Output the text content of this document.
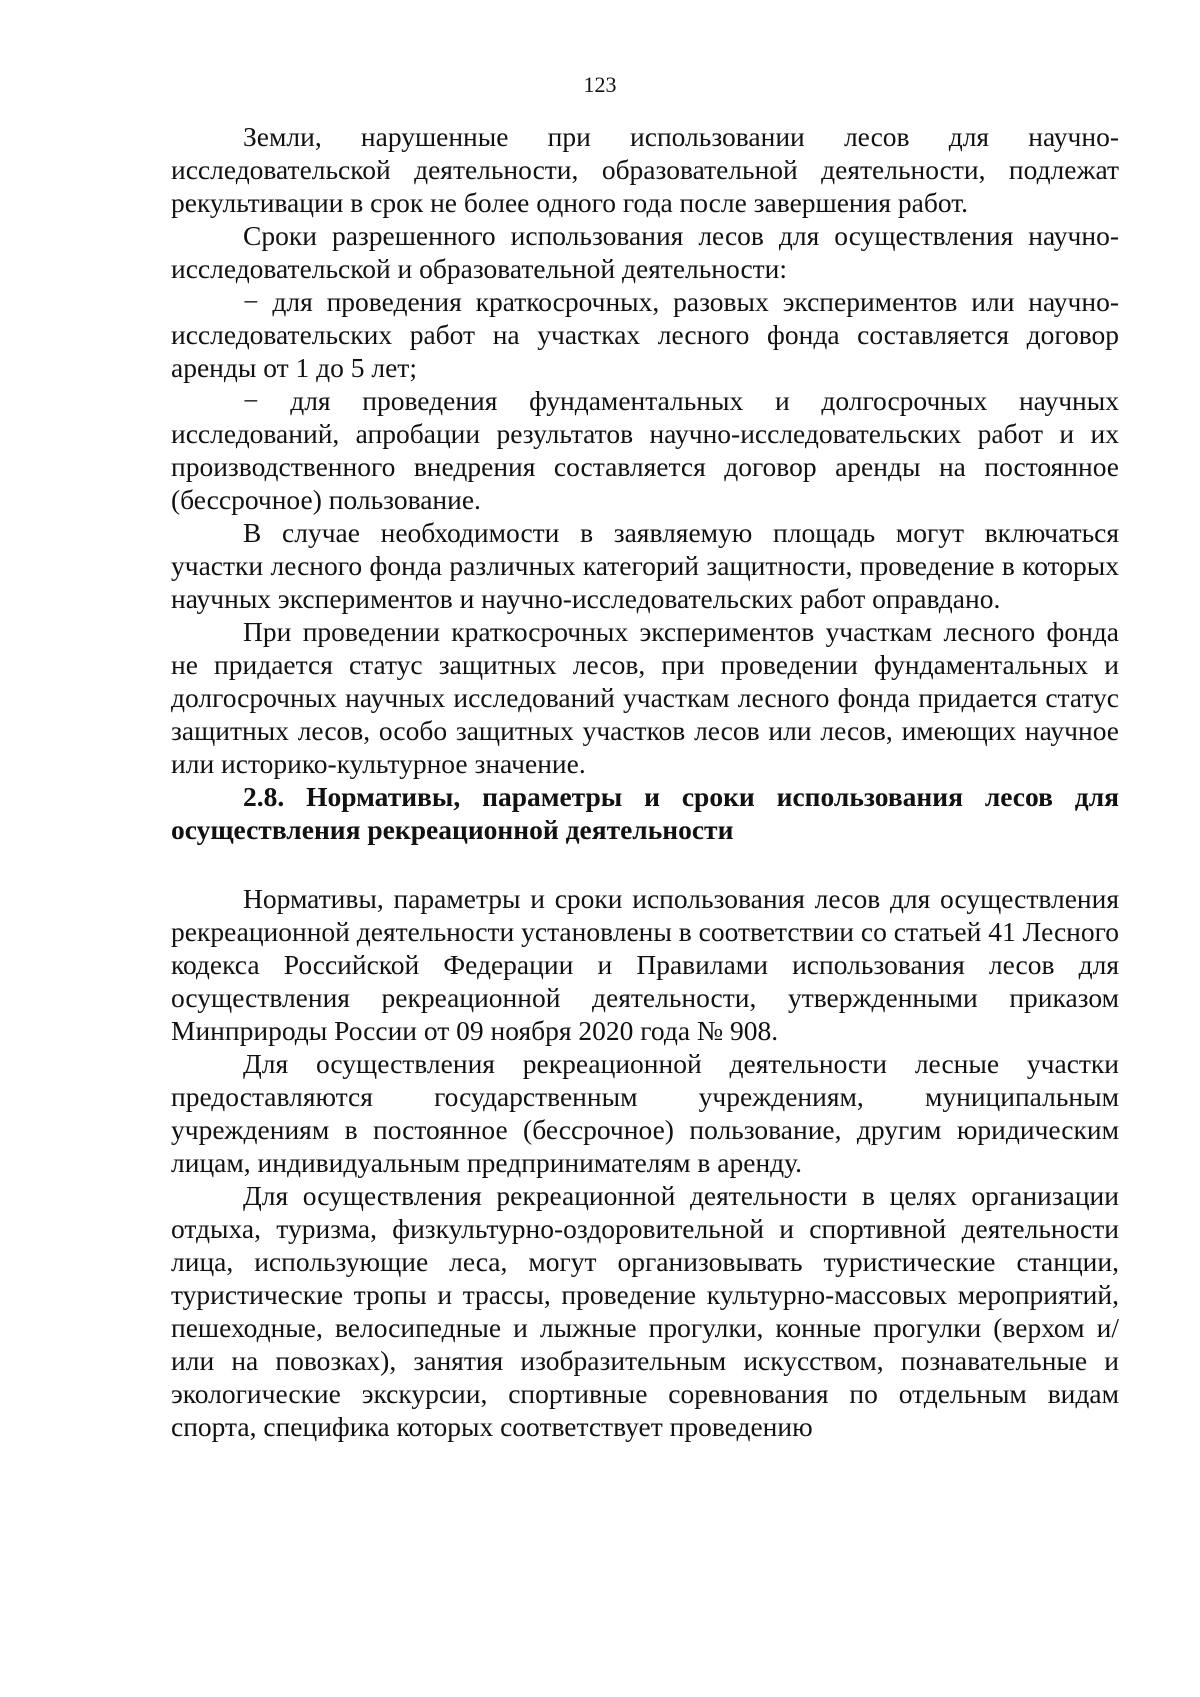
123

Земли, нарушенные при использовании лесов для научно-исследовательской деятельности, образовательной деятельности, подлежат рекультивации в срок не более одного года после завершения работ.

Сроки разрешенного использования лесов для осуществления научно-исследовательской и образовательной деятельности:

− для проведения краткосрочных, разовых экспериментов или научно-исследовательских работ на участках лесного фонда составляется договор аренды от 1 до 5 лет;

− для проведения фундаментальных и долгосрочных научных исследований, апробации результатов научно-исследовательских работ и их производственного внедрения составляется договор аренды на постоянное (бессрочное) пользование.

В случае необходимости в заявляемую площадь могут включаться участки лесного фонда различных категорий защитности, проведение в которых научных экспериментов и научно-исследовательских работ оправдано.

При проведении краткосрочных экспериментов участкам лесного фонда не придается статус защитных лесов, при проведении фундаментальных и долгосрочных научных исследований участкам лесного фонда придается статус защитных лесов, особо защитных участков лесов или лесов, имеющих научное или историко-культурное значение.

2.8. Нормативы, параметры и сроки использования лесов для осуществления рекреационной деятельности

Нормативы, параметры и сроки использования лесов для осуществления рекреационной деятельности установлены в соответствии со статьей 41 Лесного кодекса Российской Федерации и Правилами использования лесов для осуществления рекреационной деятельности, утвержденными приказом Минприроды России от 09 ноября 2020 года № 908.

Для осуществления рекреационной деятельности лесные участки предоставляются государственным учреждениям, муниципальным учреждениям в постоянное (бессрочное) пользование, другим юридическим лицам, индивидуальным предпринимателям в аренду.

Для осуществления рекреационной деятельности в целях организации отдыха, туризма, физкультурно-оздоровительной и спортивной деятельности лица, использующие леса, могут организовывать туристические станции, туристические тропы и трассы, проведение культурно-массовых мероприятий, пешеходные, велосипедные и лыжные прогулки, конные прогулки (верхом и/или на повозках), занятия изобразительным искусством, познавательные и экологические экскурсии, спортивные соревнования по отдельным видам спорта, специфика которых соответствует проведению
